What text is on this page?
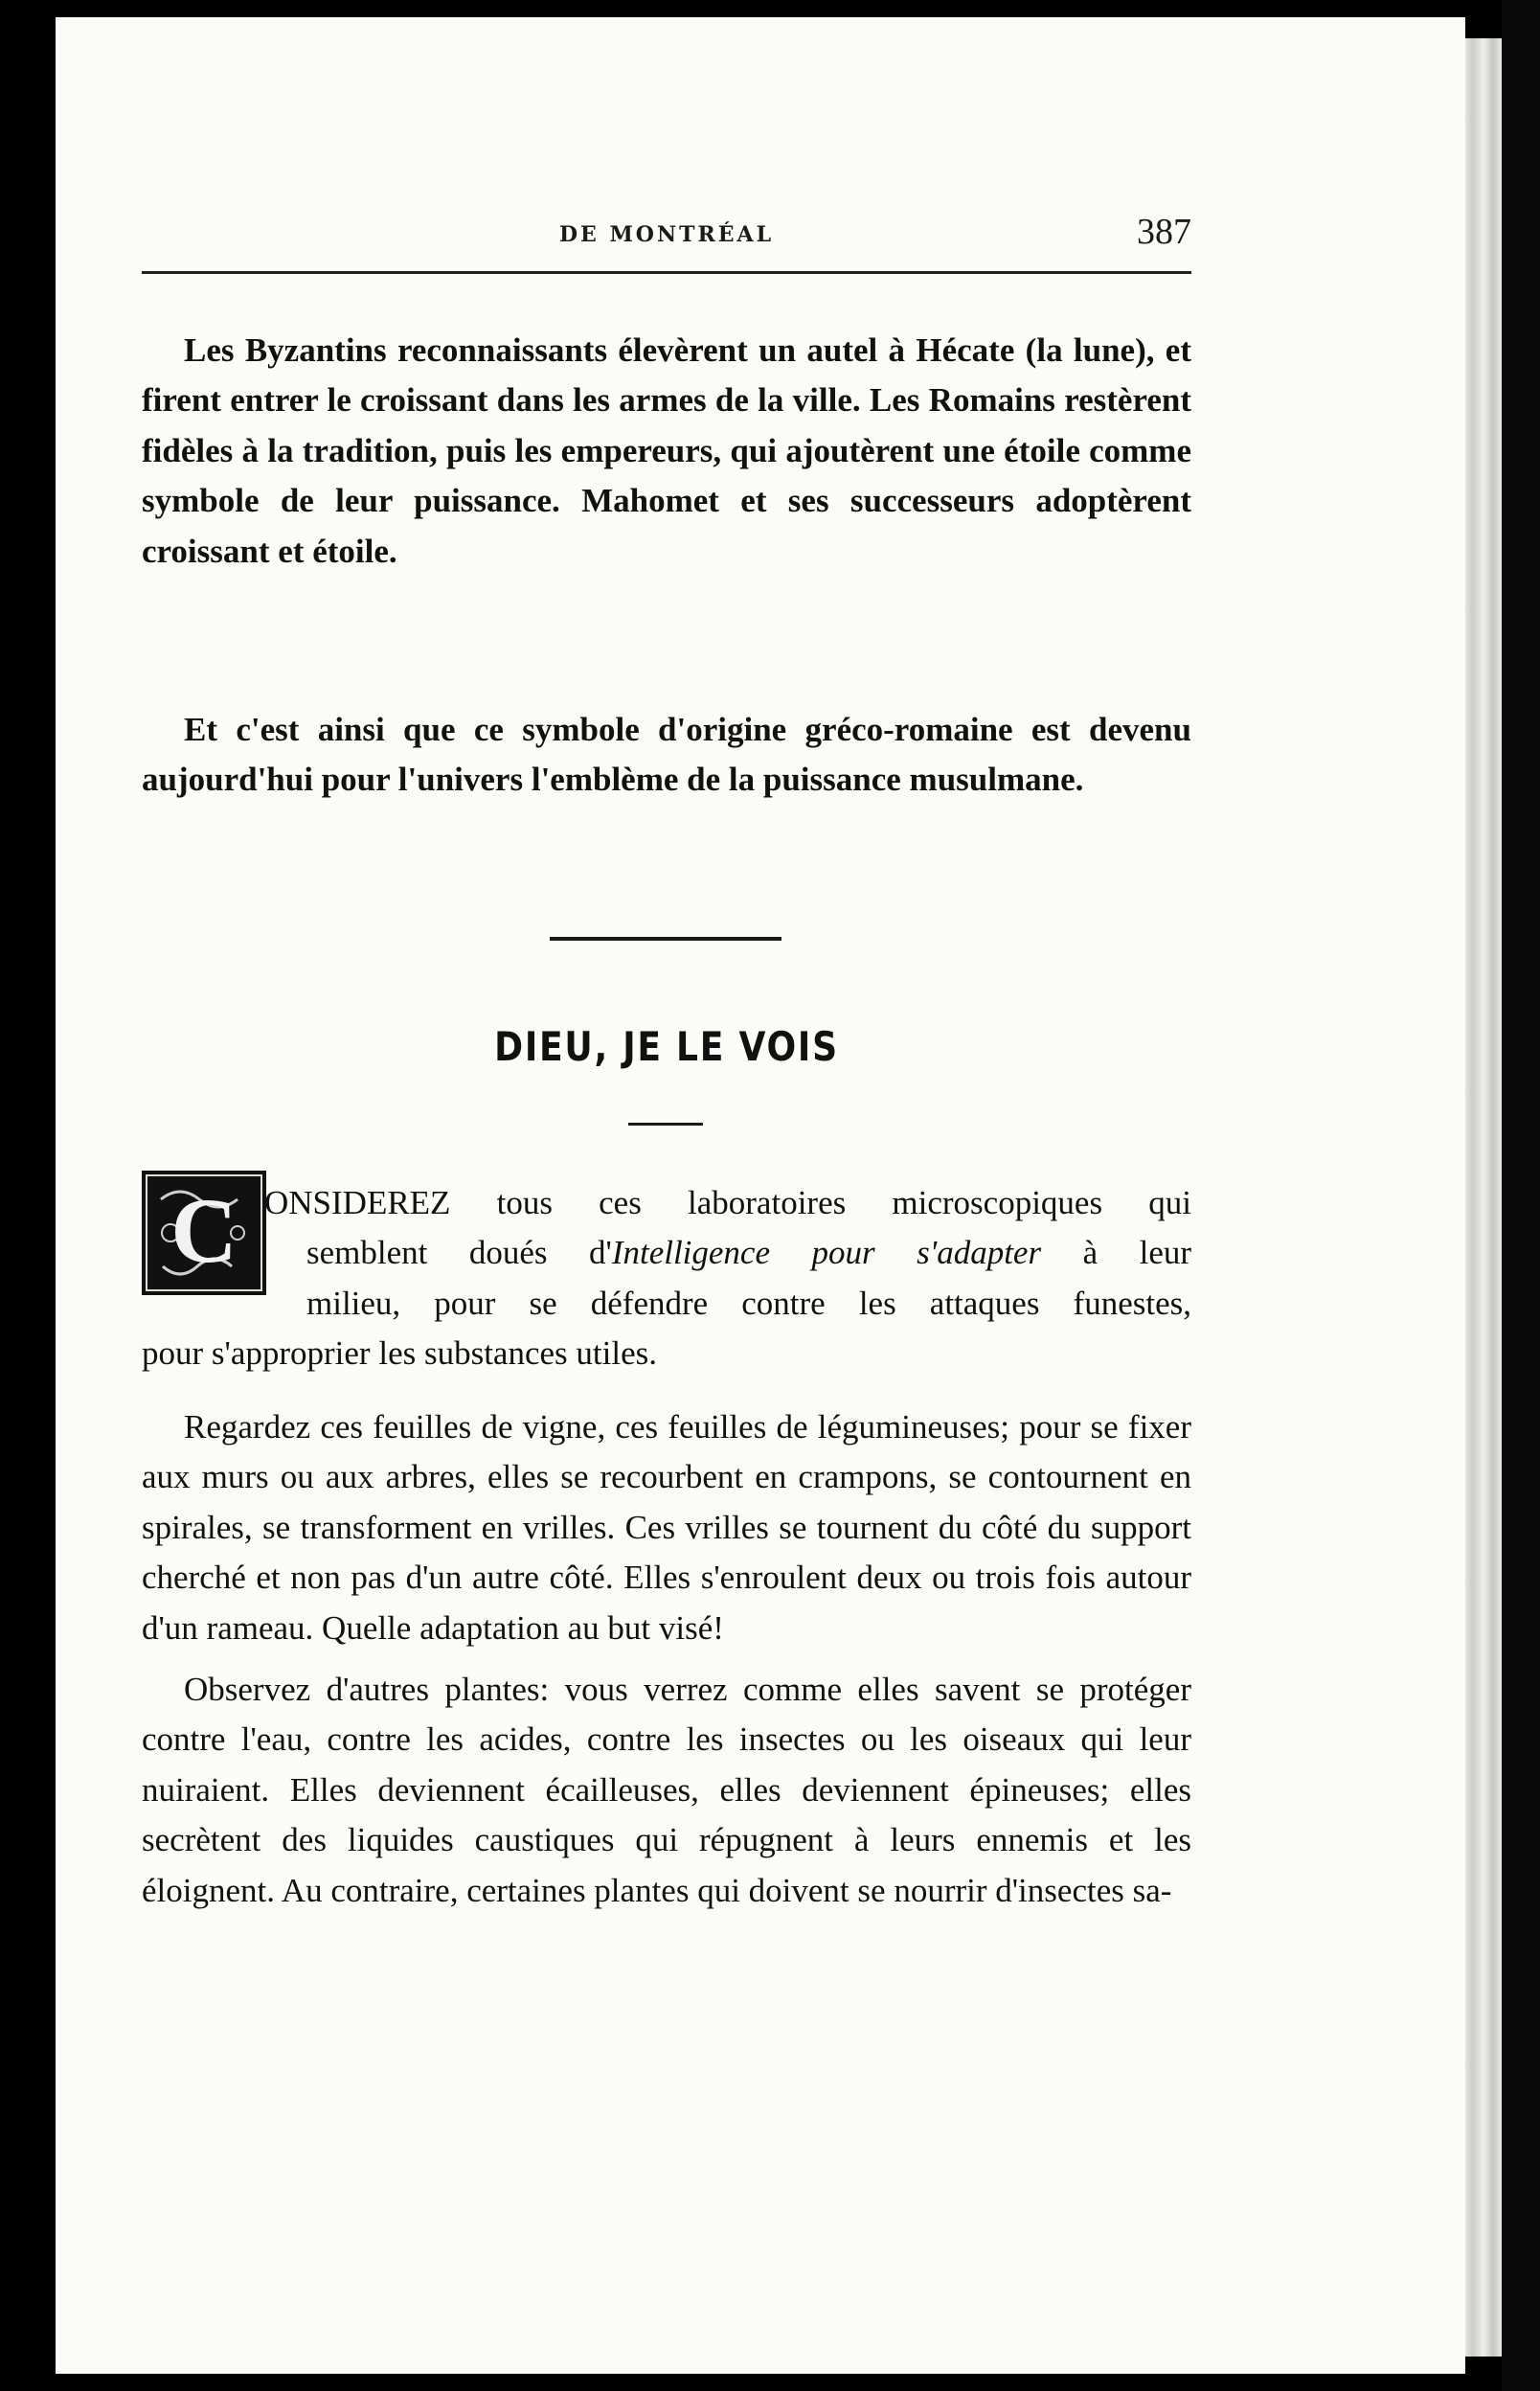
DE MONTRÉAL	387

Les Byzantins reconnaissants élevèrent un autel à Hécate (la lune), et firent entrer le croissant dans les armes de la ville. Les Romains restèrent fidèles à la tradition, puis les empereurs, qui ajoutèrent une étoile comme symbole de leur puissance. Mahomet et ses successeurs adoptèrent croissant et étoile.

Et c'est ainsi que ce symbole d'origine gréco-romaine est devenu aujourd'hui pour l'univers l'emblème de la puissance musulmane.

DIEU, JE LE VOIS
C ONSIDEREZ tous ces laboratoires microscopiques qui
semblent doués d'Intelligence pour s'adapter à leur
milieu, pour se défendre contre les attaques funestes,
pour s'approprier les substances utiles.

Regardez ces feuilles de vigne, ces feuilles de légumineuses; pour se fixer aux murs ou aux arbres, elles se recourbent en crampons, se contournent en spirales, se transforment en vrilles. Ces vrilles se tournent du côté du support cherché et non pas d'un autre côté. Elles s'enroulent deux ou trois fois autour d'un rameau. Quelle adaptation au but visé!

Observez d'autres plantes: vous verrez comme elles savent se protéger contre l'eau, contre les acides, contre les insectes ou les oiseaux qui leur nuiraient. Elles deviennent écailleuses, elles deviennent épineuses; elles secrètent des liquides caustiques qui répugnent à leurs ennemis et les éloignent. Au contraire, certaines plantes qui doivent se nourrir d'insectes sa-
